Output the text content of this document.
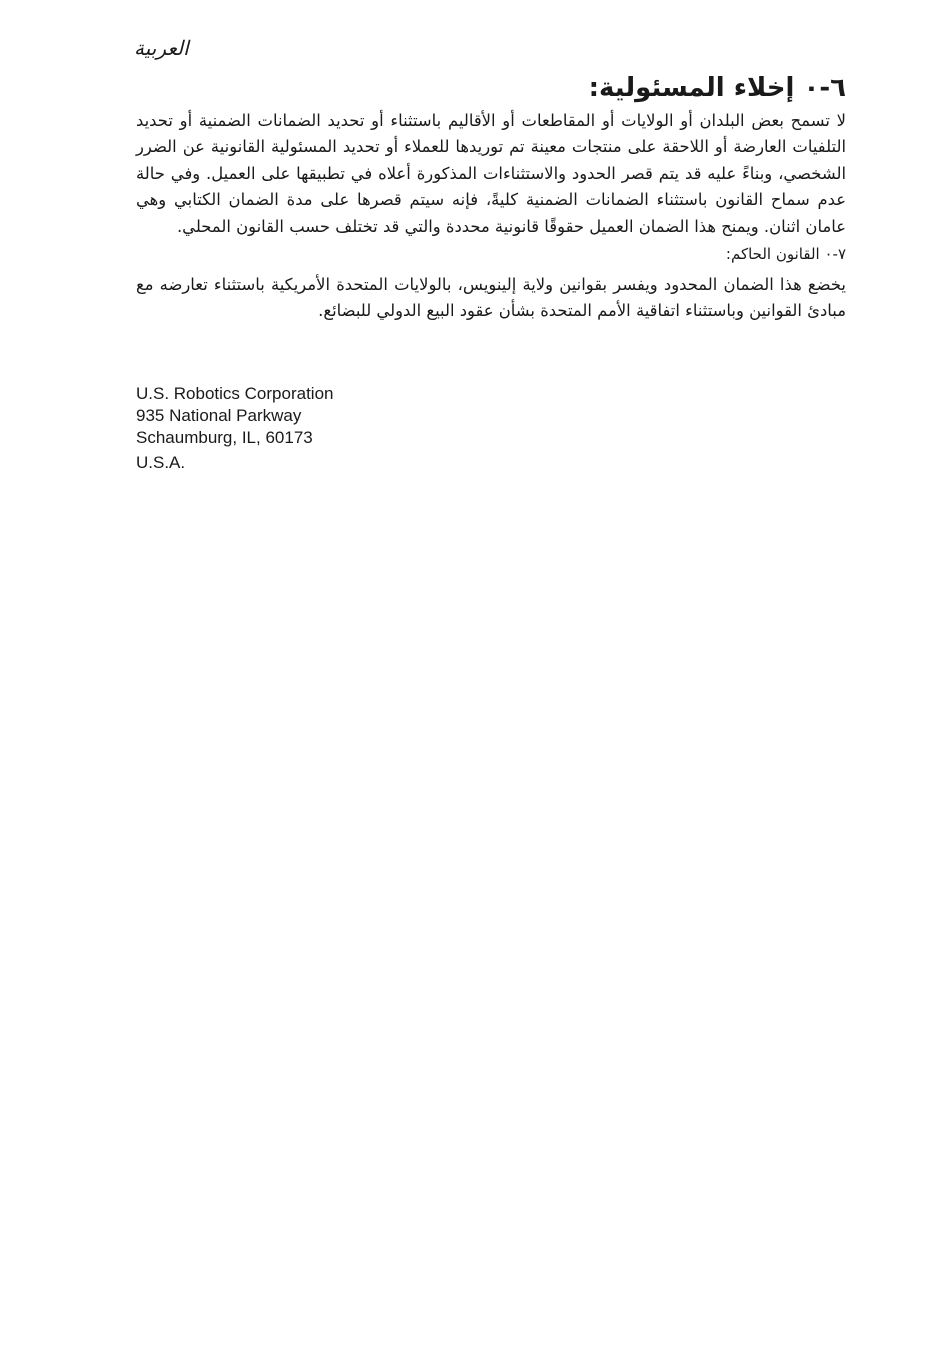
العربية
٦-٠ إخلاء المسئولية:

لا تسمح بعض البلدان أو الولايات أو المقاطعات أو الأقاليم باستثناء أو تحديد الضمانات الضمنية أو تحديد التلفيات العارضة أو اللاحقة على منتجات معينة تم توريدها للعملاء أو تحديد المسئولية القانونية عن الضرر الشخصي، وبناءً عليه قد يتم قصر الحدود والاستثناءات المذكورة أعلاه في تطبيقها على العميل. وفي حالة عدم سماح القانون باستثناء الضمانات الضمنية كليةً، فإنه سيتم قصرها على مدة الضمان الكتابي وهي عامان اثنان. ويمنح هذا الضمان العميل حقوقًا قانونية محددة والتي قد تختلف حسب القانون المحلي.

٧-٠ القانون الحاكم:

يخضع هذا الضمان المحدود ويفسر بقوانين ولاية إلينويس، بالولايات المتحدة الأمريكية باستثناء تعارضه مع مبادئ القوانين وباستثناء اتفاقية الأمم المتحدة بشأن عقود البيع الدولي للبضائع.

U.S. Robotics Corporation
935 National Parkway
Schaumburg, IL, 60173
U.S.A.
